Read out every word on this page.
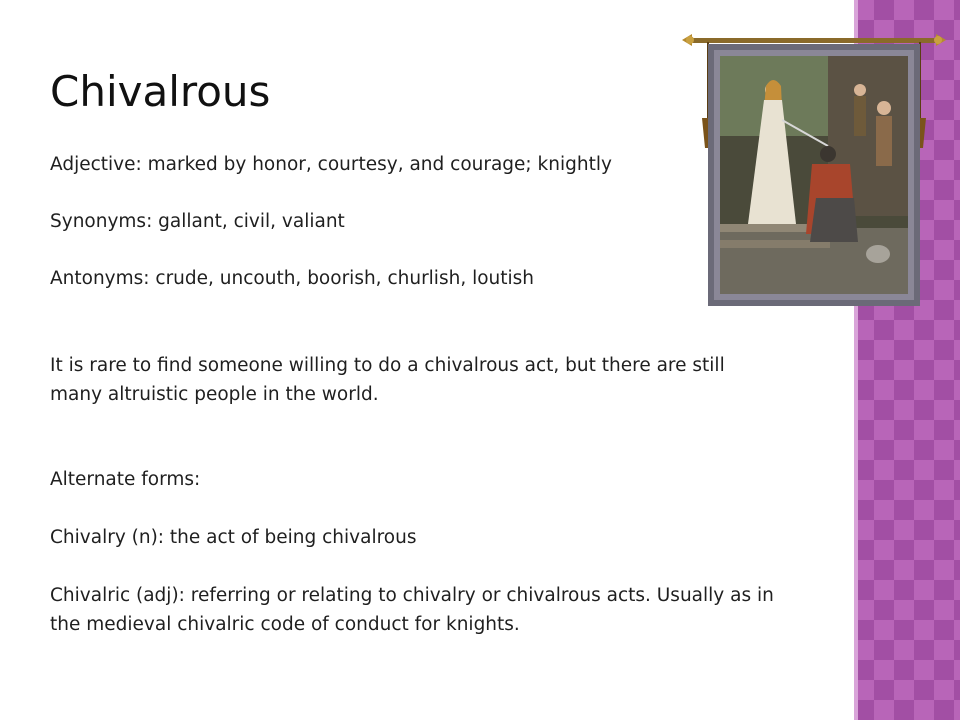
Chivalrous

Adjective: marked by honor, courtesy, and courage; knightly

Synonyms: gallant, civil, valiant

Antonyms: crude, uncouth, boorish, churlish, loutish

It is rare to find someone willing to do a chivalrous act, but there are still many altruistic people in the world.

Alternate forms:

Chivalry (n): the act of being chivalrous

Chivalric (adj): referring or relating to chivalry or chivalrous acts. Usually as in the medieval chivalric code of conduct for knights.
